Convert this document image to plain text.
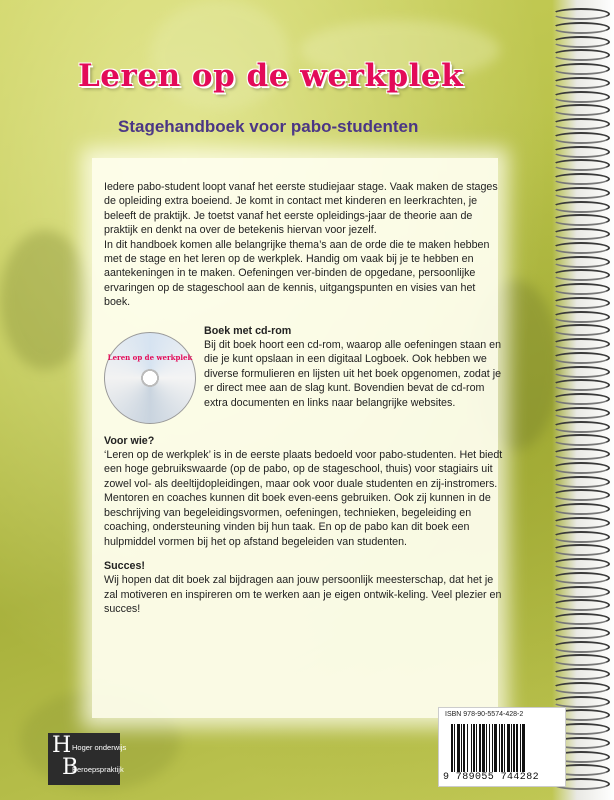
Leren op de werkplek
Stagehandboek voor pabo-studenten

Iedere pabo-student loopt vanaf het eerste studiejaar stage. Vaak maken de stages de opleiding extra boeiend. Je komt in contact met kinderen en leerkrachten, je beleeft de praktijk. Je toetst vanaf het eerste opleidings-jaar de theorie aan de praktijk en denkt na over de betekenis hiervan voor jezelf.

In dit handboek komen alle belangrijke thema’s aan de orde die te maken hebben met de stage en het leren op de werkplek. Handig om vaak bij je te hebben en aantekeningen in te maken. Oefeningen ver-binden de opgedane, persoonlijke ervaringen op de stageschool aan de kennis, uitgangspunten en visies van het boek.

Leren op de werkplek
Boek met cd-rom

Bij dit boek hoort een cd-rom, waarop alle oefeningen staan en die je kunt opslaan in een digitaal Logboek. Ook hebben we diverse formulieren en lijsten uit het boek opgenomen, zodat je er direct mee aan de slag kunt. Bovendien bevat de cd-rom extra documenten en links naar belangrijke websites.

Voor wie?

‘Leren op de werkplek’ is in de eerste plaats bedoeld voor pabo-studenten. Het biedt een hoge gebruikswaarde (op de pabo, op de stageschool, thuis) voor stagiairs uit zowel vol- als deeltijdopleidingen, maar ook voor duale studenten en zij-instromers. Mentoren en coaches kunnen dit boek even-eens gebruiken. Ook zij kunnen in de beschrijving van begeleidingsvormen, oefeningen, technieken, begeleiding en coaching, ondersteuning vinden bij hun taak. En op de pabo kan dit boek een hulpmiddel vormen bij het op afstand begeleiden van studenten.

Succes!

Wij hopen dat dit boek zal bijdragen aan jouw persoonlijk meesterschap, dat het je zal motiveren en inspireren om te werken aan je eigen ontwik-keling. Veel plezier en succes!

ISBN 978-90-5574-428-2
9 789055 744282
H
B
Hoger onderwijs
Beroepspraktijk
